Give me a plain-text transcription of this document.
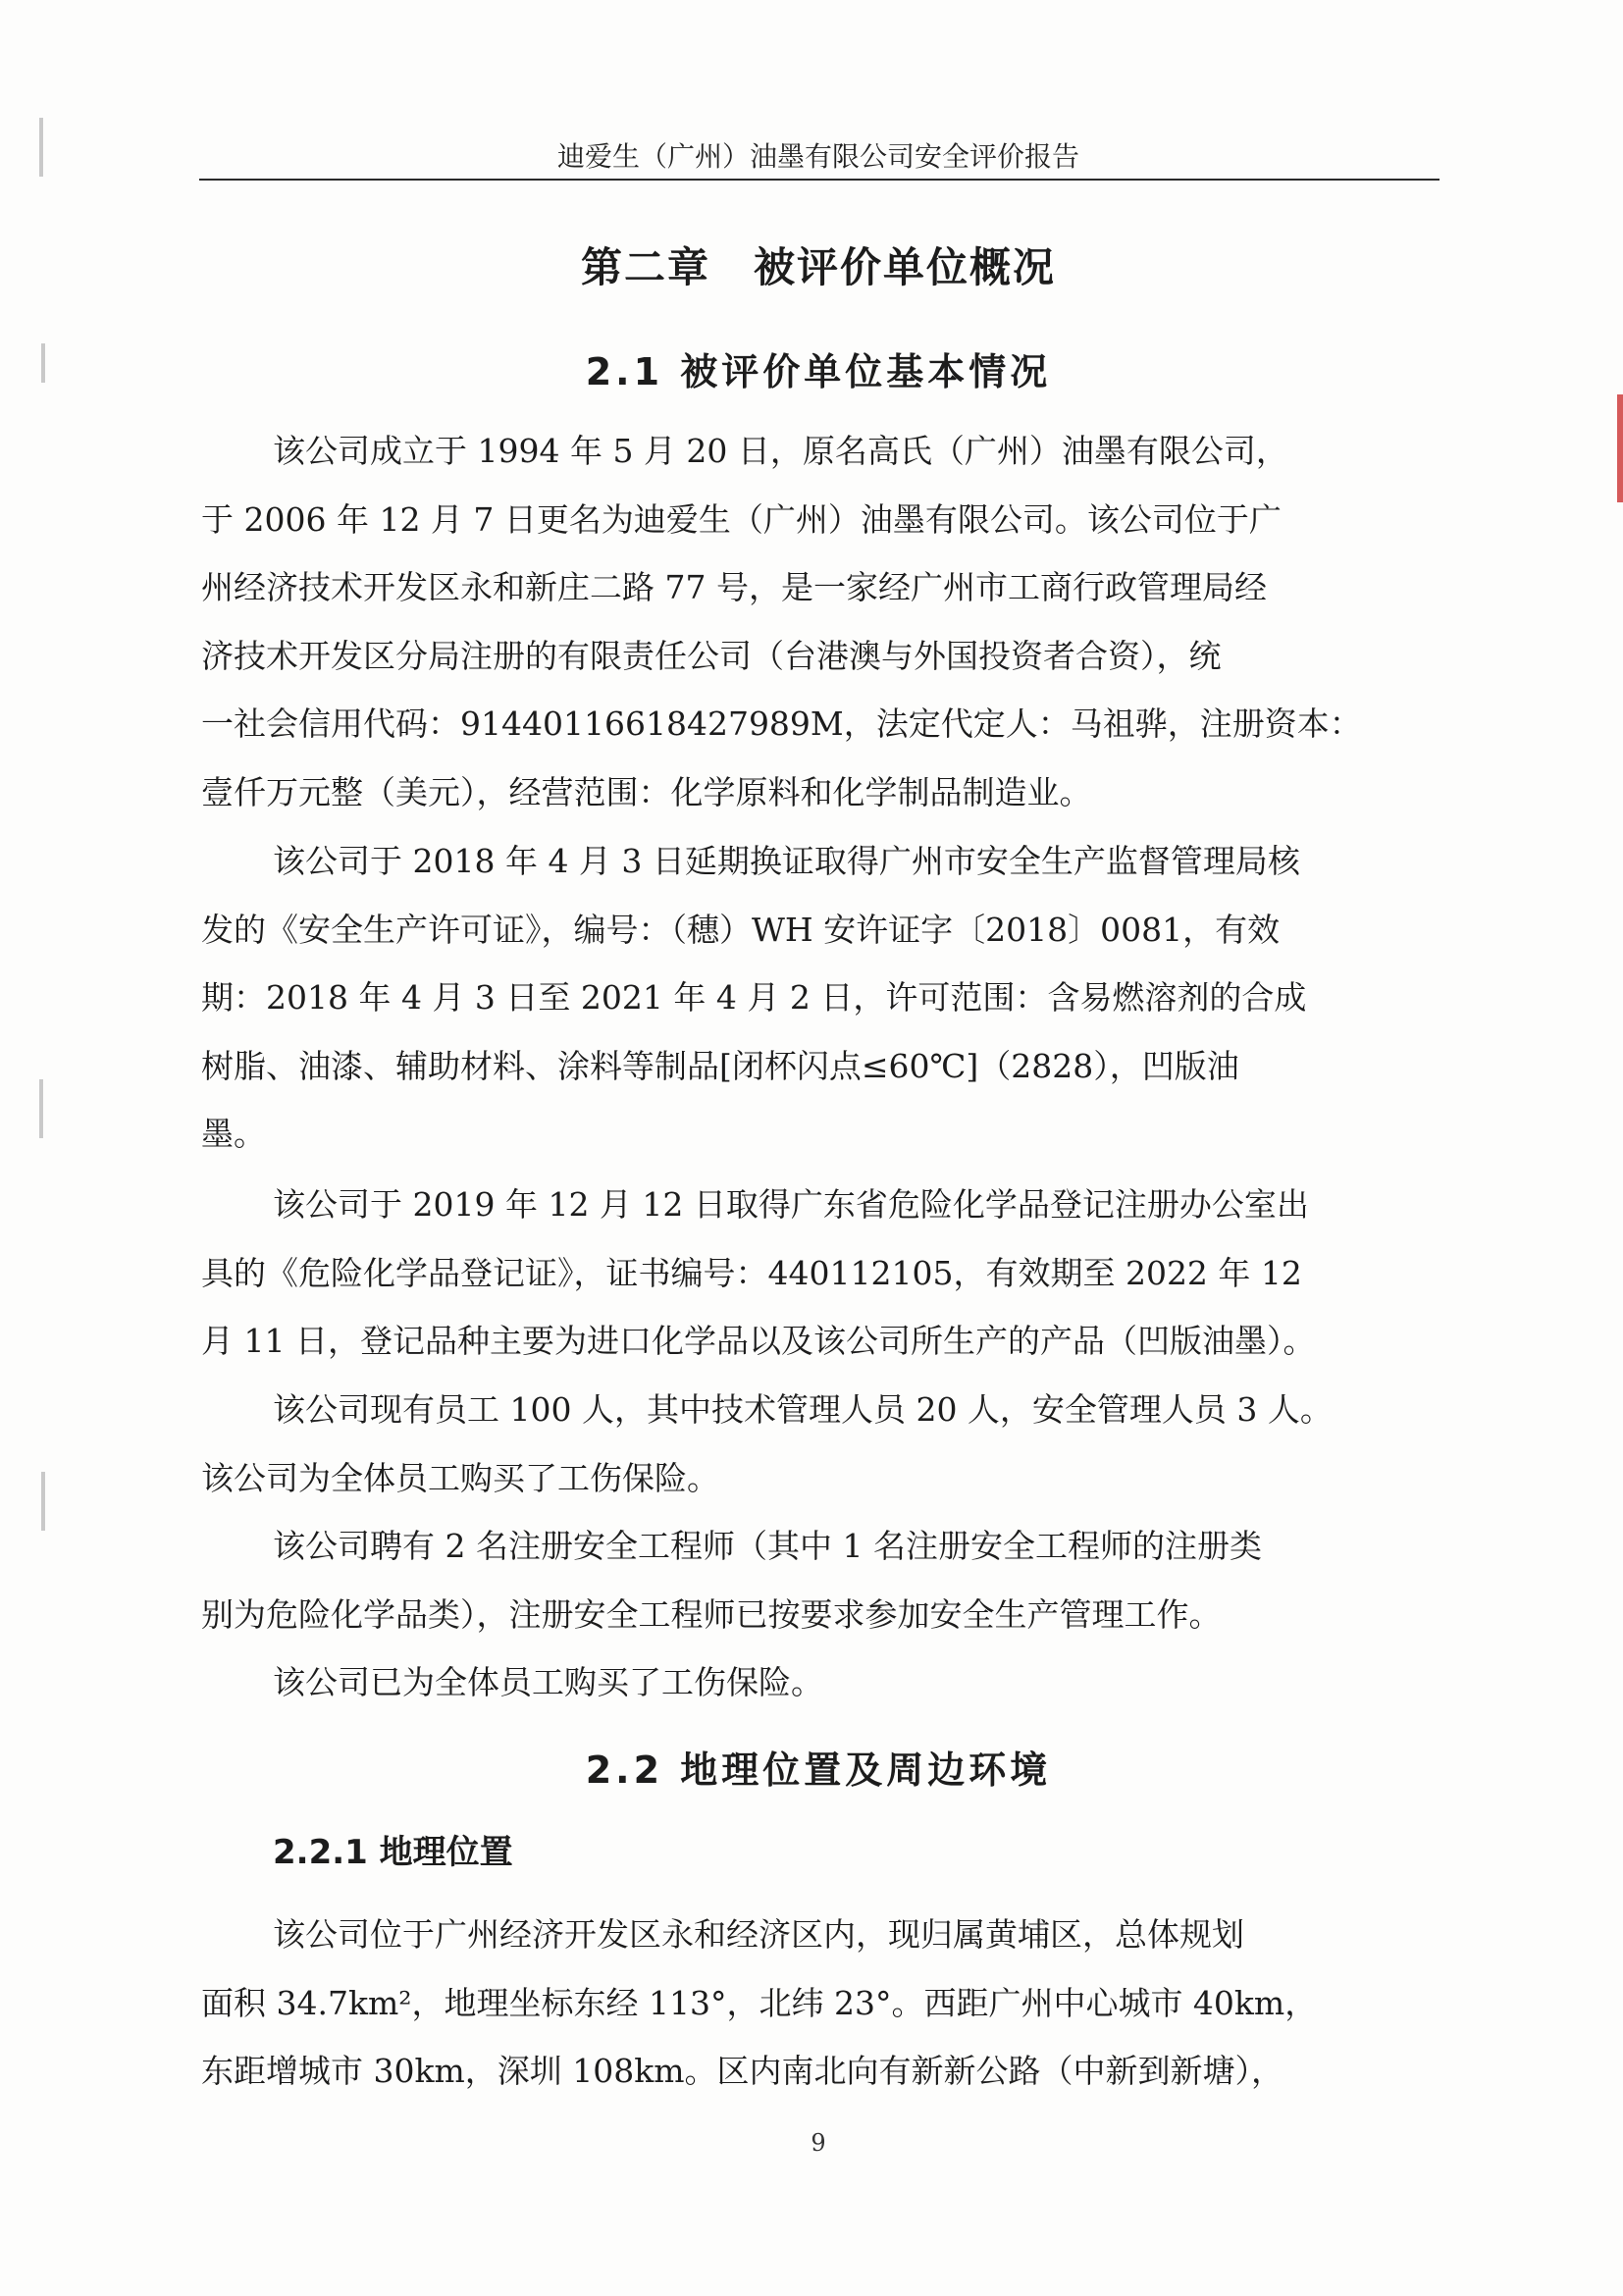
迪爱生（广州）油墨有限公司安全评价报告
第二章　被评价单位概况
2.1 被评价单位基本情况

该公司成立于 1994 年 5 月 20 日，原名高氏（广州）油墨有限公司，
于 2006 年 12 月 7 日更名为迪爱生（广州）油墨有限公司。该公司位于广
州经济技术开发区永和新庄二路 77 号，是一家经广州市工商行政管理局经
济技术开发区分局注册的有限责任公司（台港澳与外国投资者合资），统
一社会信用代码：91440116618427989M，法定代定人：马祖骅，注册资本：
壹仟万元整（美元），经营范围：化学原料和化学制品制造业。

该公司于 2018 年 4 月 3 日延期换证取得广州市安全生产监督管理局核
发的《安全生产许可证》，编号：（穗）WH 安许证字〔2018〕0081，有效
期：2018 年 4 月 3 日至 2021 年 4 月 2 日，许可范围：含易燃溶剂的合成
树脂、油漆、辅助材料、涂料等制品[闭杯闪点≤60℃]（2828），凹版油
墨。

该公司于 2019 年 12 月 12 日取得广东省危险化学品登记注册办公室出
具的《危险化学品登记证》，证书编号：440112105，有效期至 2022 年 12
月 11 日，登记品种主要为进口化学品以及该公司所生产的产品（凹版油墨）。

该公司现有员工 100 人，其中技术管理人员 20 人，安全管理人员 3 人。
该公司为全体员工购买了工伤保险。

该公司聘有 2 名注册安全工程师（其中 1 名注册安全工程师的注册类
别为危险化学品类），注册安全工程师已按要求参加安全生产管理工作。

该公司已为全体员工购买了工伤保险。

2.2 地理位置及周边环境
2.2.1 地理位置

该公司位于广州经济开发区永和经济区内，现归属黄埔区，总体规划
面积 34.7km²，地理坐标东经 113°，北纬 23°。西距广州中心城市 40km，
东距增城市 30km，深圳 108km。区内南北向有新新公路（中新到新塘），

9
